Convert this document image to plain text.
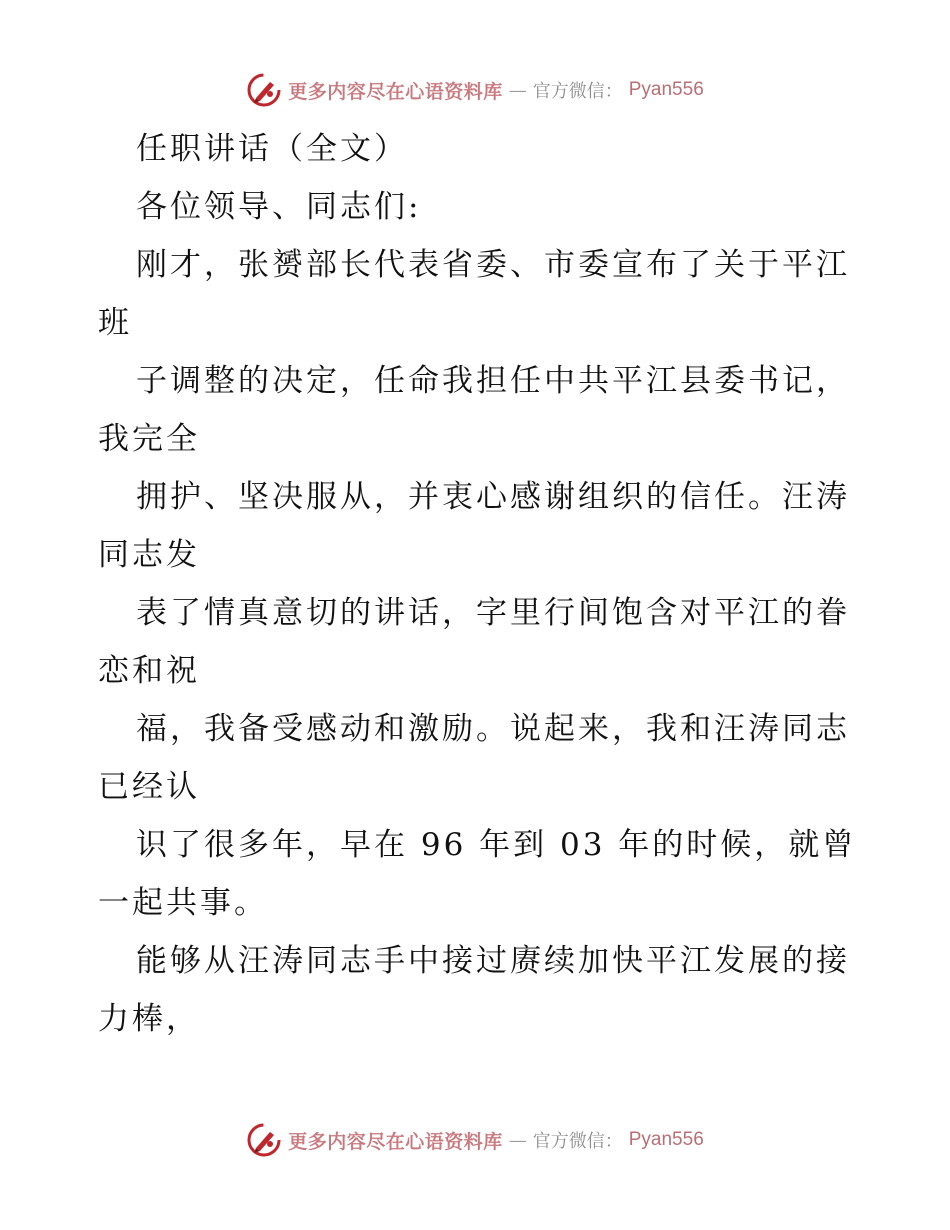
更多内容尽在心语资料库 — 官方微信： Pyan556
任职讲话（全文）
各位领导、同志们:
刚才，张赟部长代表省委、市委宣布了关于平江
班
子调整的决定，任命我担任中共平江县委书记，
我完全
拥护、坚决服从，并衷心感谢组织的信任。汪涛
同志发
表了情真意切的讲话，字里行间饱含对平江的眷
恋和祝
福，我备受感动和激励。说起来，我和汪涛同志
已经认
识了很多年，早在 96 年到 03 年的时候，就曾
一起共事。
能够从汪涛同志手中接过赓续加快平江发展的接
力棒，
更多内容尽在心语资料库 — 官方微信： Pyan556
